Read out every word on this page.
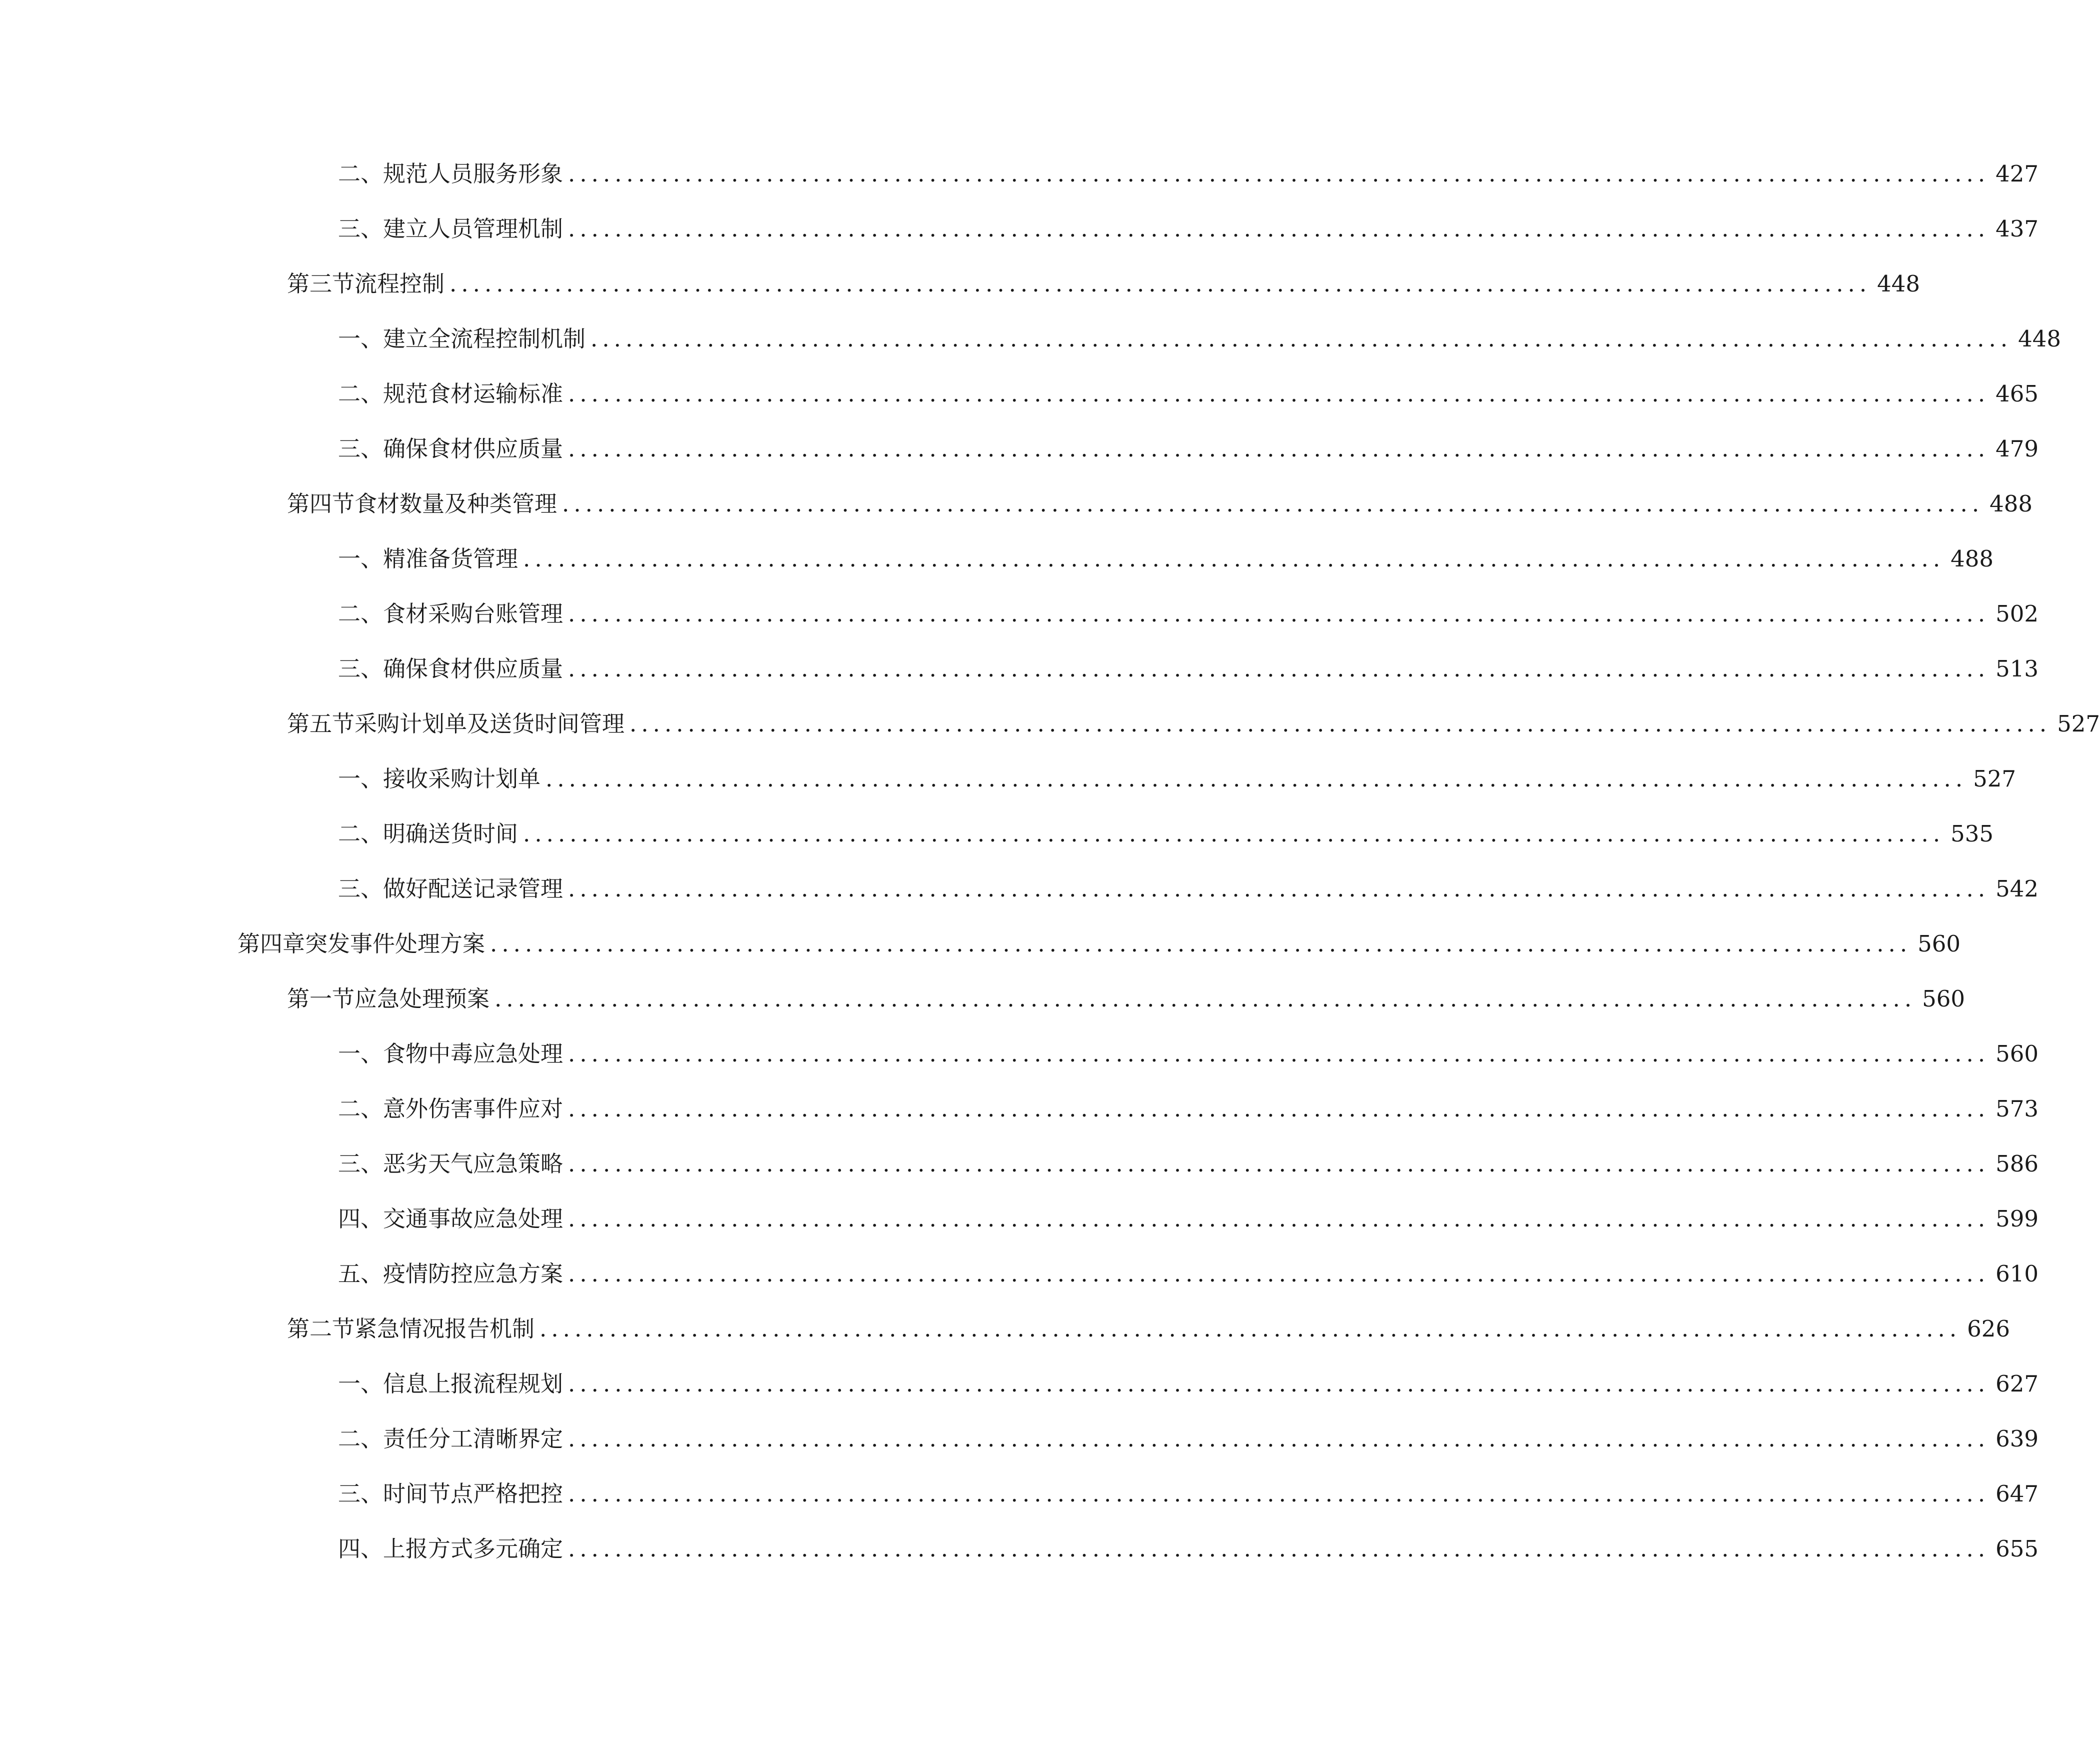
二、 规范人员服务形象 .......................................................................................................................... 427
三、 建立人员管理机制 .......................................................................................................................... 437
第三节 流程控制 .......................................................................................................................... 448
一、 建立全流程控制机制 .......................................................................................................................... 448
二、 规范食材运输标准 .......................................................................................................................... 465
三、 确保食材供应质量 .......................................................................................................................... 479
第四节 食材数量及种类管理 .......................................................................................................................... 488
一、 精准备货管理 .......................................................................................................................... 488
二、 食材采购台账管理 .......................................................................................................................... 502
三、 确保食材供应质量 .......................................................................................................................... 513
第五节 采购计划单及送货时间管理 .......................................................................................................................... 527
一、 接收采购计划单 .......................................................................................................................... 527
二、 明确送货时间 .......................................................................................................................... 535
三、 做好配送记录管理 .......................................................................................................................... 542
第四章 突发事件处理方案 .......................................................................................................................... 560
第一节 应急处理预案 .......................................................................................................................... 560
一、 食物中毒应急处理 .......................................................................................................................... 560
二、 意外伤害事件应对 .......................................................................................................................... 573
三、 恶劣天气应急策略 .......................................................................................................................... 586
四、 交通事故应急处理 .......................................................................................................................... 599
五、 疫情防控应急方案 .......................................................................................................................... 610
第二节 紧急情况报告机制 .......................................................................................................................... 626
一、 信息上报流程规划 .......................................................................................................................... 627
二、 责任分工清晰界定 .......................................................................................................................... 639
三、 时间节点严格把控 .......................................................................................................................... 647
四、 上报方式多元确定 .......................................................................................................................... 655
